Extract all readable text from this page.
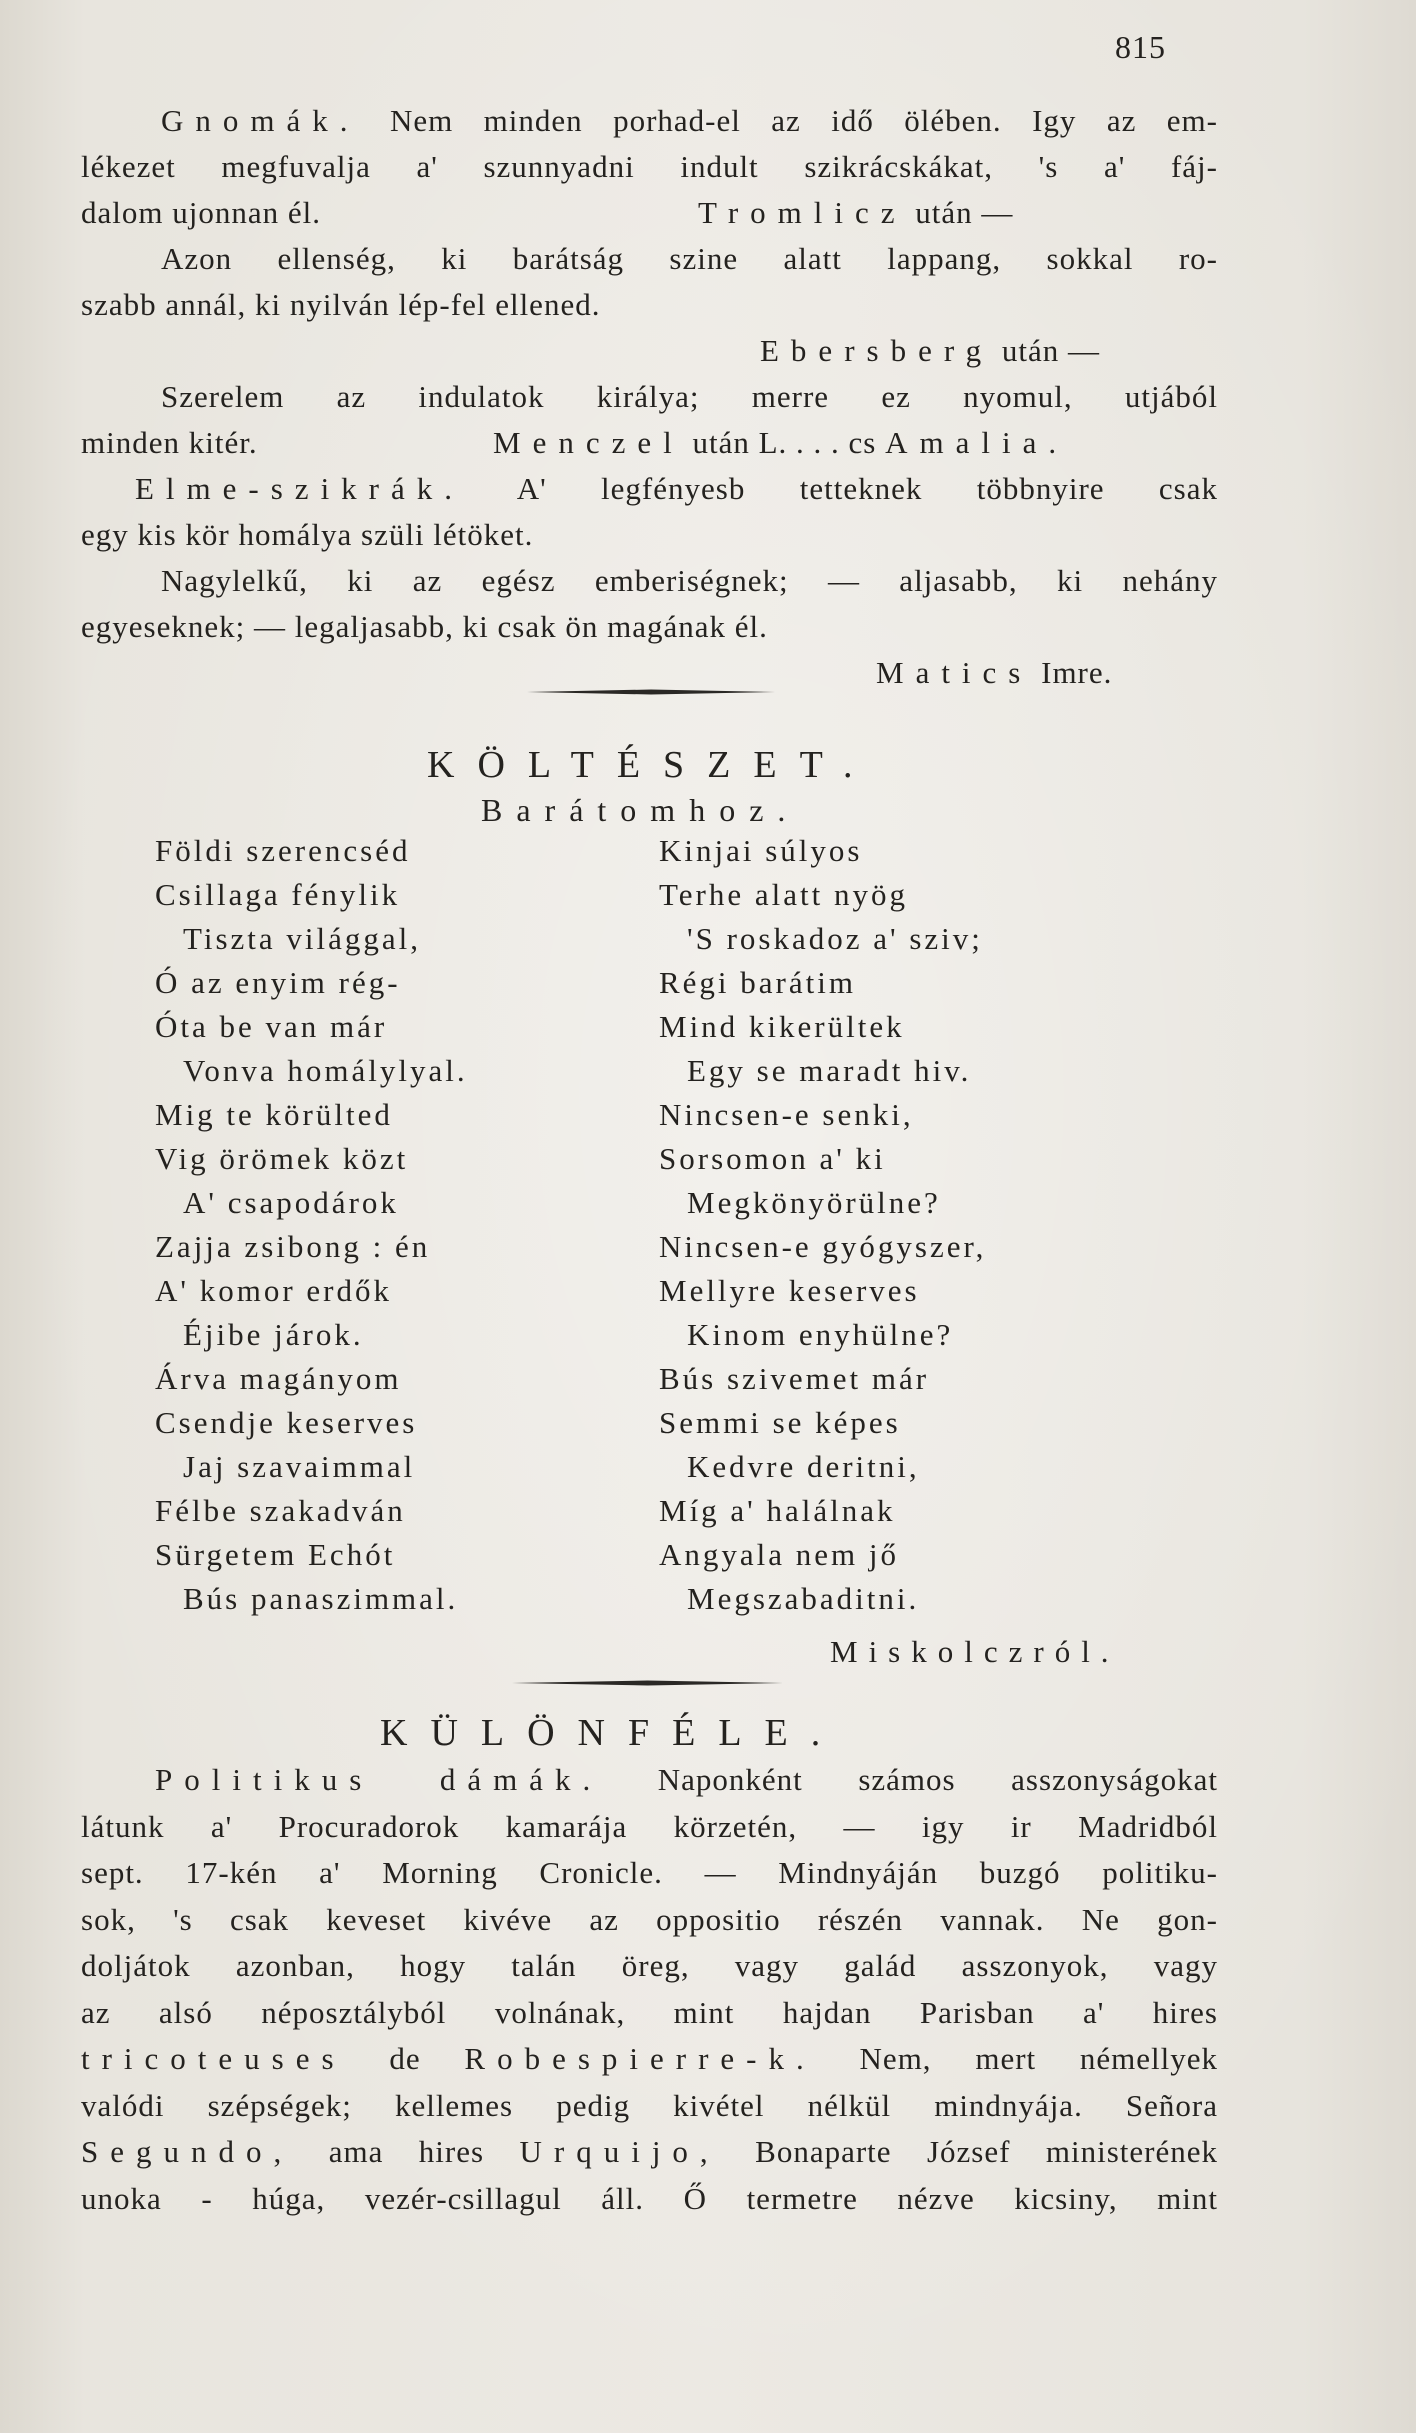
815
Gnomák. Nem minden porhad-el az idő ölében. Igy az em-
lékezet megfuvalja a' szunnyadni indult szikrácskákat, 's a' fáj-
dalom ujonnan él.	Tromlicz után —
Azon ellenség, ki barátság szine alatt lappang, sokkal ro-
szabb annál, ki nyilván lép-fel ellened.
Ebersberg után —
Szerelem az indulatok királya; merre ez nyomul, utjából
minden kitér.	Menczel után L. . . . cs Amalia.
Elme-szikrák. A' legfényesb tetteknek többnyire csak
egy kis kör homálya szüli létöket.
Nagylelkű, ki az egész emberiségnek; — aljasabb, ki nehány
egyeseknek; — legaljasabb, ki csak ön magának él.
Matics Imre.
KÖLTÉSZET.
Barátomhoz.
Földi szerencséd
Csillaga fénylik
Tiszta világgal,
Ó az enyim rég-
Óta be van már
Vonva homálylyal.
Mig te körülted
Vig örömek közt
A' csapodárok
Zajja zsibong : én
A' komor erdők
Éjibe járok.
Árva magányom
Csendje keserves
Jaj szavaimmal
Félbe szakadván
Sürgetem Echót
Bús panaszimmal.
Kinjai súlyos
Terhe alatt nyög
'S roskadoz a' sziv;
Régi barátim
Mind kikerültek
Egy se maradt hiv.
Nincsen-e senki,
Sorsomon a' ki
Megkönyörülne?
Nincsen-e gyógyszer,
Mellyre keserves
Kinom enyhülne?
Bús szivemet már
Semmi se képes
Kedvre deritni,
Míg a' halálnak
Angyala nem jő
Megszabaditni.
Miskolczról.
KÜLÖNFÉLE.
Politikus dámák. Naponként számos asszonyságokat
látunk a' Procuradorok kamarája körzetén, — igy ir Madridból
sept. 17-kén a' Morning Cronicle. — Mindnyáján buzgó politiku-
sok, 's csak keveset kivéve az oppositio részén vannak. Ne gon-
doljátok azonban, hogy talán öreg, vagy galád asszonyok, vagy
az alsó néposztályból volnának, mint hajdan Parisban a' hires
tricoteuses de Robespierre-k. Nem, mert némellyek
valódi szépségek; kellemes pedig kivétel nélkül mindnyája. Señora
Segundo, ama hires Urquijo, Bonaparte József ministerének
unoka - húga, vezér-csillagul áll. Ő termetre nézve kicsiny, mint
